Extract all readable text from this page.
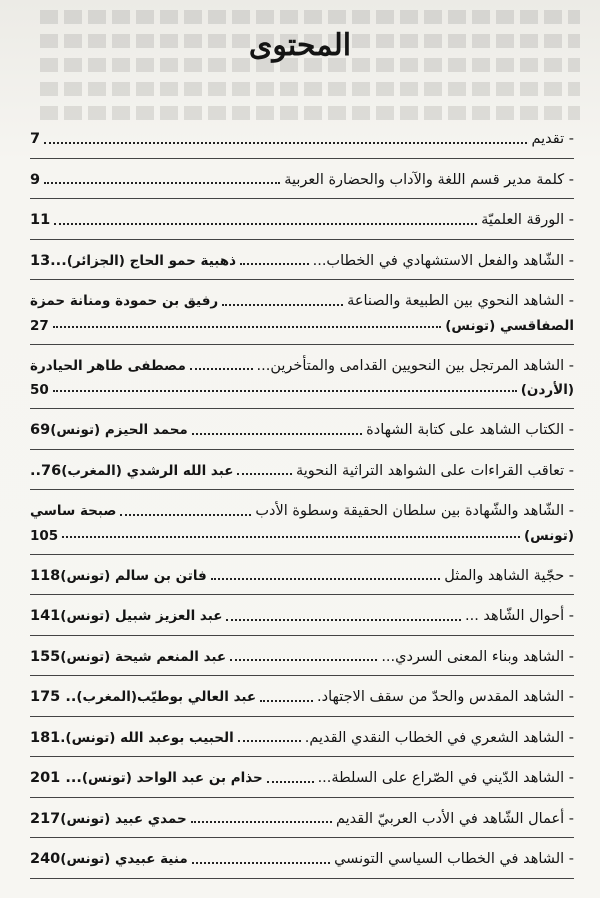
المحتوى
- تقديم
7
- كلمة مدير قسم اللغة والآداب والحضارة العربية
9
- الورقة العلميّة
11
- الشّاهد والفعل الاستشهادي في الخطاب...
ذهبية حمو الحاج (الجزائر)
13...
- الشاهد النحوي بين الطبيعة والصناعة
رفيق بن حمودة ومنانة حمزة
الصفاقسي (تونس)
27
- الشاهد المرتجل بين النحويين القدامى والمتأخرين...
مصطفى طاهر الحيادرة
(الأردن)
50
- الكتاب الشاهد على كتابة الشهادة
محمد الحيزم (تونس)
69
- تعاقب القراءات على الشواهد التراثية النحوية
عبد الله الرشدي (المغرب)
..76
- الشّاهد والشّهادة بين سلطان الحقيقة وسطوة الأدب
صبحة ساسي
(تونس)
105
- حجّية الشاهد والمثل
فاتن بن سالم (تونس)
118
- أحوال الشّاهد ...
عبد العزيز شبيل (تونس)
141
- الشاهد وبناء المعنى السردي...
عبد المنعم شيحة (تونس)
155
- الشاهد المقدس والحدّ من سقف الاجتهاد.
عبد العالي بوطيّب(المغرب)
175 ..
- الشاهد الشعري في الخطاب النقدي القديم.
الحبيب بوعبد الله (تونس).
181
- الشاهد الدّيني في الصّراع على السلطة...
حذام بن عبد الواحد (تونس)
201 ...
- أعمال الشّاهد في الأدب العربيّ القديم
حمدي عبيد (تونس)
217
- الشاهد في الخطاب السياسي التونسي
منية عبيدي (تونس)
240
